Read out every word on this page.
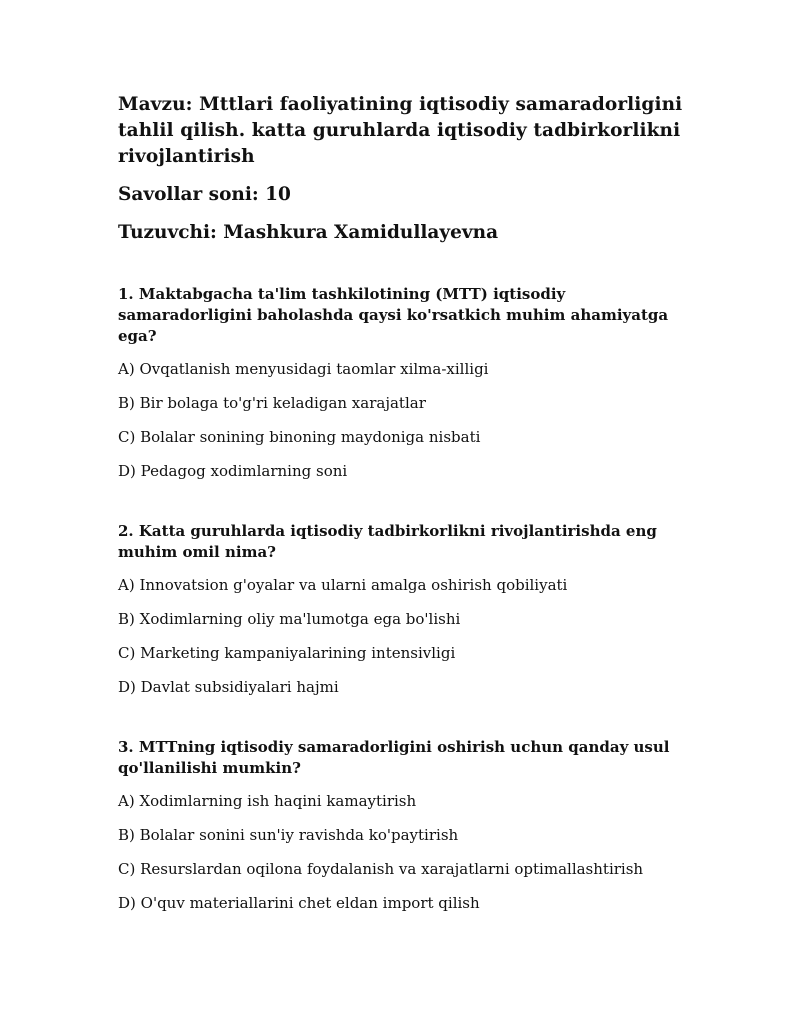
Mavzu: Mttlari faoliyatining iqtisodiy samaradorligini tahlil qilish. katta guruhlarda iqtisodiy tadbirkorlikni rivojlantirish

Savollar soni: 10

Tuzuvchi: Mashkura Xamidullayevna

1. Maktabgacha ta'lim tashkilotining (MTT) iqtisodiy samaradorligini baholashda qaysi ko'rsatkich muhim ahamiyatga ega?

A) Ovqatlanish menyusidagi taomlar xilma-xilligi

B) Bir bolaga to'g'ri keladigan xarajatlar

C) Bolalar sonining binoning maydoniga nisbati

D) Pedagog xodimlarning soni

2. Katta guruhlarda iqtisodiy tadbirkorlikni rivojlantirishda eng muhim omil nima?

A) Innovatsion g'oyalar va ularni amalga oshirish qobiliyati

B) Xodimlarning oliy ma'lumotga ega bo'lishi

C) Marketing kampaniyalarining intensivligi

D) Davlat subsidiyalari hajmi

3. MTTning iqtisodiy samaradorligini oshirish uchun qanday usul qo'llanilishi mumkin?

A) Xodimlarning ish haqini kamaytirish

B) Bolalar sonini sun'iy ravishda ko'paytirish

C) Resurslardan oqilona foydalanish va xarajatlarni optimallashtirish

D) O'quv materiallarini chet eldan import qilish
